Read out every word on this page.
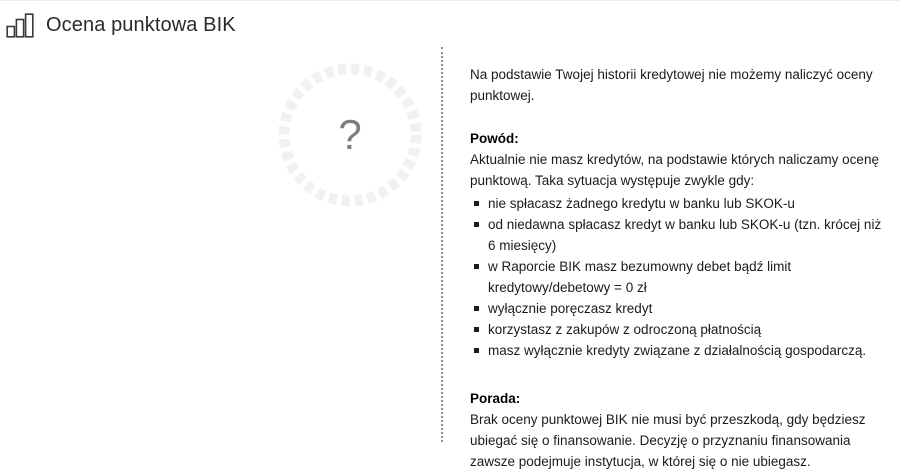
Ocena punktowa BIK
?

Na podstawie Twojej historii kredytowej nie możemy naliczyć oceny punktowej.

Powód:

Aktualnie nie masz kredytów, na podstawie których naliczamy ocenę punktową. Taka sytuacja występuje zwykle gdy:

nie spłacasz żadnego kredytu w banku lub SKOK-u
od niedawna spłacasz kredyt w banku lub SKOK-u (tzn. krócej niż 6 miesięcy)
w Raporcie BIK masz bezumowny debet bądź limit kredytowy/debetowy = 0 zł
wyłącznie poręczasz kredyt
korzystasz z zakupów z odroczoną płatnością
masz wyłącznie kredyty związane z działalnością gospodarczą.

Porada:

Brak oceny punktowej BIK nie musi być przeszkodą, gdy będziesz ubiegać się o finansowanie. Decyzję o przyznaniu finansowania zawsze podejmuje instytucja, w której się o nie ubiegasz.
